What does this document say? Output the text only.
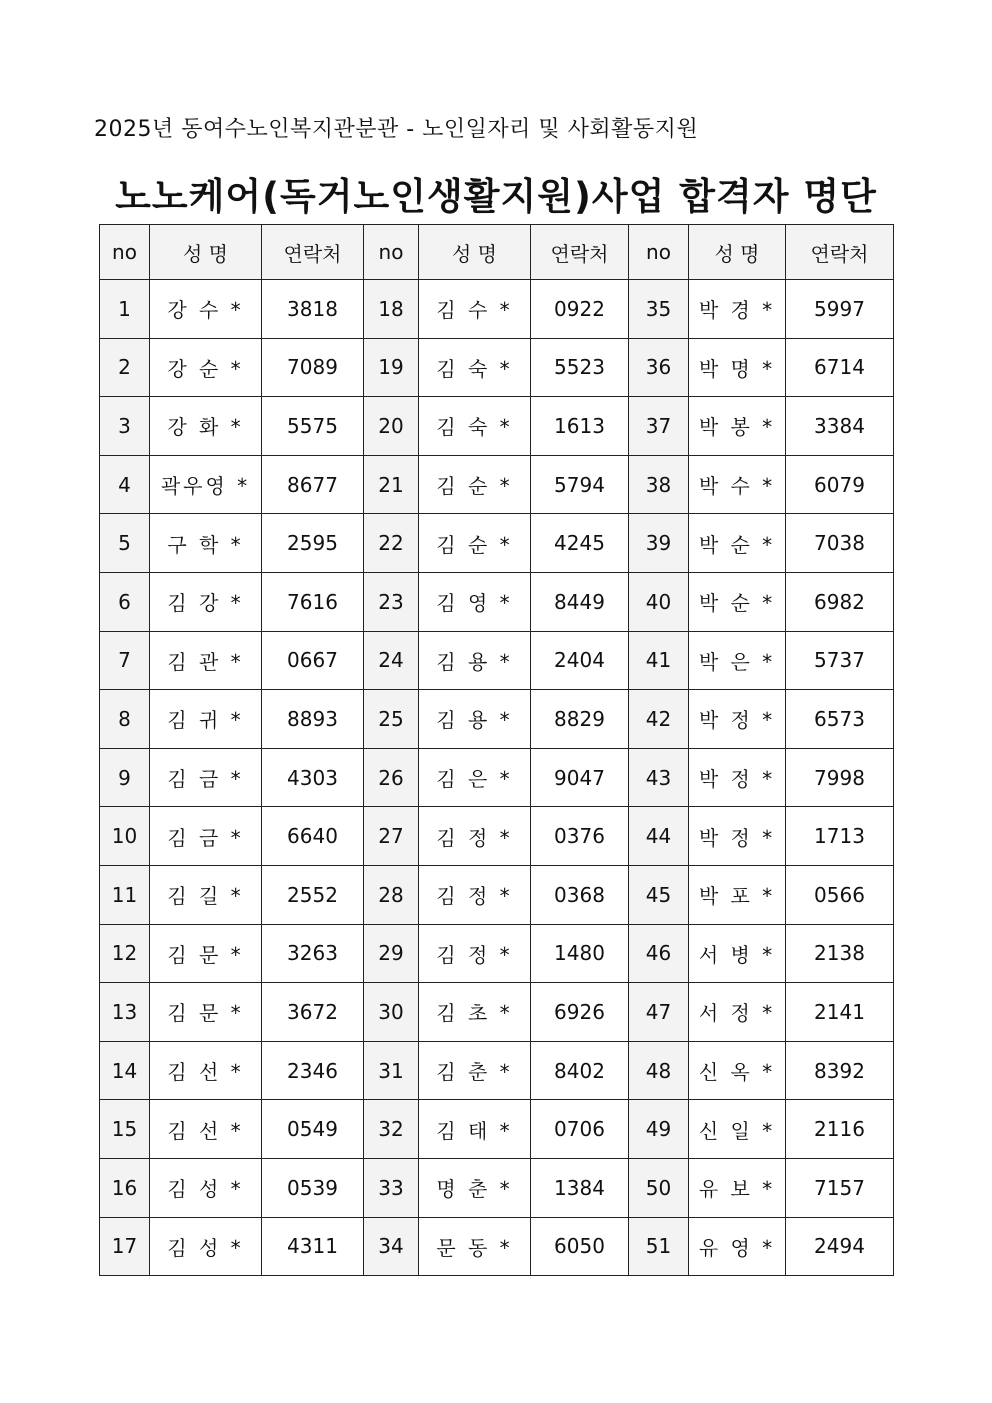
2025년 동여수노인복지관분관 - 노인일자리 및 사회활동지원
노노케어(독거노인생활지원)사업 합격자 명단
no	성 명	연락처	no	성 명	연락처	no	성 명	연락처
1	강 수 *	3818	18	김 수 *	0922	35	박 경 *	5997
2	강 순 *	7089	19	김 숙 *	5523	36	박 명 *	6714
3	강 화 *	5575	20	김 숙 *	1613	37	박 봉 *	3384
4	곽우영 *	8677	21	김 순 *	5794	38	박 수 *	6079
5	구 학 *	2595	22	김 순 *	4245	39	박 순 *	7038
6	김 강 *	7616	23	김 영 *	8449	40	박 순 *	6982
7	김 관 *	0667	24	김 용 *	2404	41	박 은 *	5737
8	김 귀 *	8893	25	김 용 *	8829	42	박 정 *	6573
9	김 금 *	4303	26	김 은 *	9047	43	박 정 *	7998
10	김 금 *	6640	27	김 정 *	0376	44	박 정 *	1713
11	김 길 *	2552	28	김 정 *	0368	45	박 포 *	0566
12	김 문 *	3263	29	김 정 *	1480	46	서 병 *	2138
13	김 문 *	3672	30	김 초 *	6926	47	서 정 *	2141
14	김 선 *	2346	31	김 춘 *	8402	48	신 옥 *	8392
15	김 선 *	0549	32	김 태 *	0706	49	신 일 *	2116
16	김 성 *	0539	33	명 춘 *	1384	50	유 보 *	7157
17	김 성 *	4311	34	문 동 *	6050	51	유 영 *	2494
